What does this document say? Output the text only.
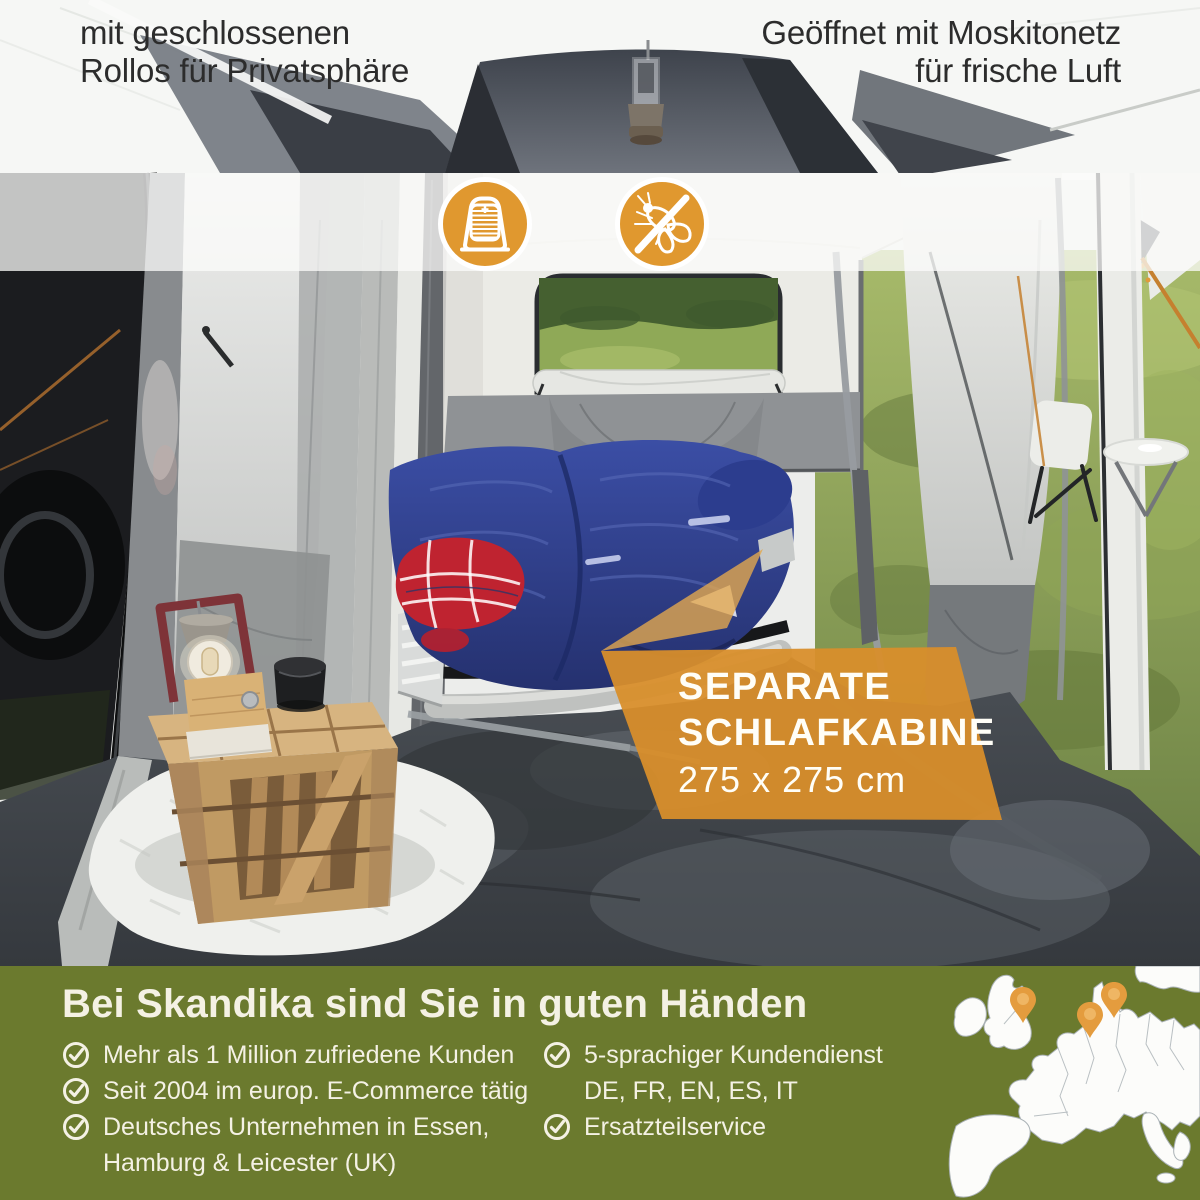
mit geschlossenen
Rollos für Privatsphäre
Geöffnet mit Moskitonetz
für frische Luft
SEPARATE
SCHLAFKABINE
275 x 275 cm
Bei Skandika sind Sie in guten Händen
Mehr als 1 Million zufriedene Kunden
Seit 2004 im europ. E-Commerce tätig
Deutsches Unternehmen in Essen,
Hamburg & Leicester (UK)
5-sprachiger Kundendienst
DE, FR, EN, ES, IT
Ersatzteilservice
